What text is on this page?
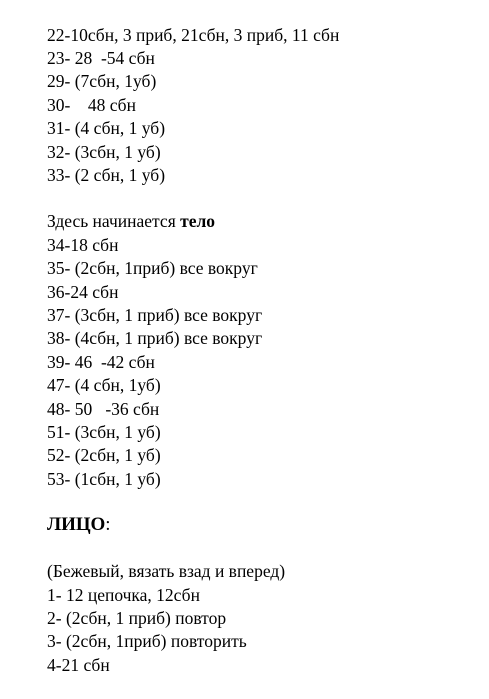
22-10сбн, 3 приб, 21сбн, 3 приб, 11 сбн
23- 28  -54 сбн
29- (7сбн, 1уб)
30-    48 сбн
31- (4 сбн, 1 уб)
32- (3сбн, 1 уб)
33- (2 сбн, 1 уб)
Здесь начинается тело
34-18 сбн
35- (2сбн, 1приб) все вокруг
36-24 сбн
37- (3сбн, 1 приб) все вокруг
38- (4сбн, 1 приб) все вокруг
39- 46  -42 сбн
47- (4 сбн, 1уб)
48- 50   -36 сбн
51- (3сбн, 1 уб)
52- (2сбн, 1 уб)
53- (1сбн, 1 уб)
ЛИЦО:
(Бежевый, вязать взад и вперед)
1- 12 цепочка, 12сбн
2- (2сбн, 1 приб) повтор
3- (2сбн, 1приб) повторить
4-21 сбн
